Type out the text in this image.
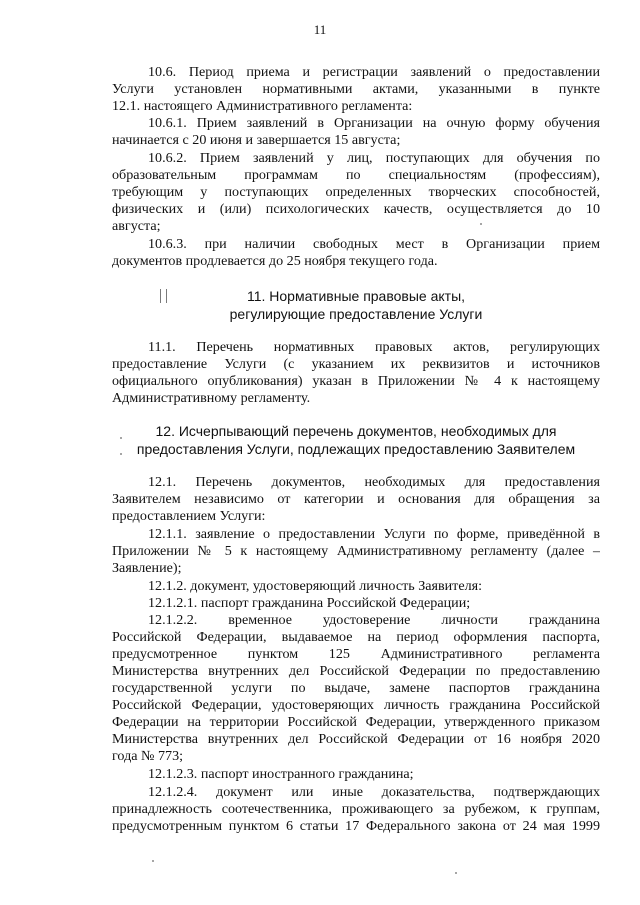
11
10.6. Период приема и регистрации заявлений о предоставлении
Услуги установлен нормативными актами, указанными в пункте
12.1. настоящего Административного регламента:
10.6.1. Прием заявлений в Организации на очную форму обучения
начинается с 20 июня и завершается 15 августа;
10.6.2. Прием заявлений у лиц, поступающих для обучения по
образовательным программам по специальностям (профессиям),
требующим у поступающих определенных творческих способностей,
физических и (или) психологических качеств, осуществляется до 10
августа;
10.6.3. при наличии свободных мест в Организации прием
документов продлевается до 25 ноября текущего года.
11. Нормативные правовые акты,
регулирующие предоставление Услуги
11.1. Перечень нормативных правовых актов, регулирующих
предоставление Услуги (с указанием их реквизитов и источников
официального опубликования) указан в Приложении № 4 к настоящему
Административному регламенту.
12. Исчерпывающий перечень документов, необходимых для
предоставления Услуги, подлежащих предоставлению Заявителем
12.1. Перечень документов, необходимых для предоставления
Заявителем независимо от категории и основания для обращения за
предоставлением Услуги:
12.1.1. заявление о предоставлении Услуги по форме, приведённой в
Приложении № 5 к настоящему Административному регламенту (далее –
Заявление);
12.1.2. документ, удостоверяющий личность Заявителя:
12.1.2.1. паспорт гражданина Российской Федерации;
12.1.2.2. временное удостоверение личности гражданина
Российской Федерации, выдаваемое на период оформления паспорта,
предусмотренное пунктом 125 Административного регламента
Министерства внутренних дел Российской Федерации по предоставлению
государственной услуги по выдаче, замене паспортов гражданина
Российской Федерации, удостоверяющих личность гражданина Российской
Федерации на территории Российской Федерации, утвержденного приказом
Министерства внутренних дел Российской Федерации от 16 ноября 2020
года № 773;
12.1.2.3. паспорт иностранного гражданина;
12.1.2.4. документ или иные доказательства, подтверждающих
принадлежность соотечественника, проживающего за рубежом, к группам,
предусмотренным пунктом 6 статьи 17 Федерального закона от 24 мая 1999
